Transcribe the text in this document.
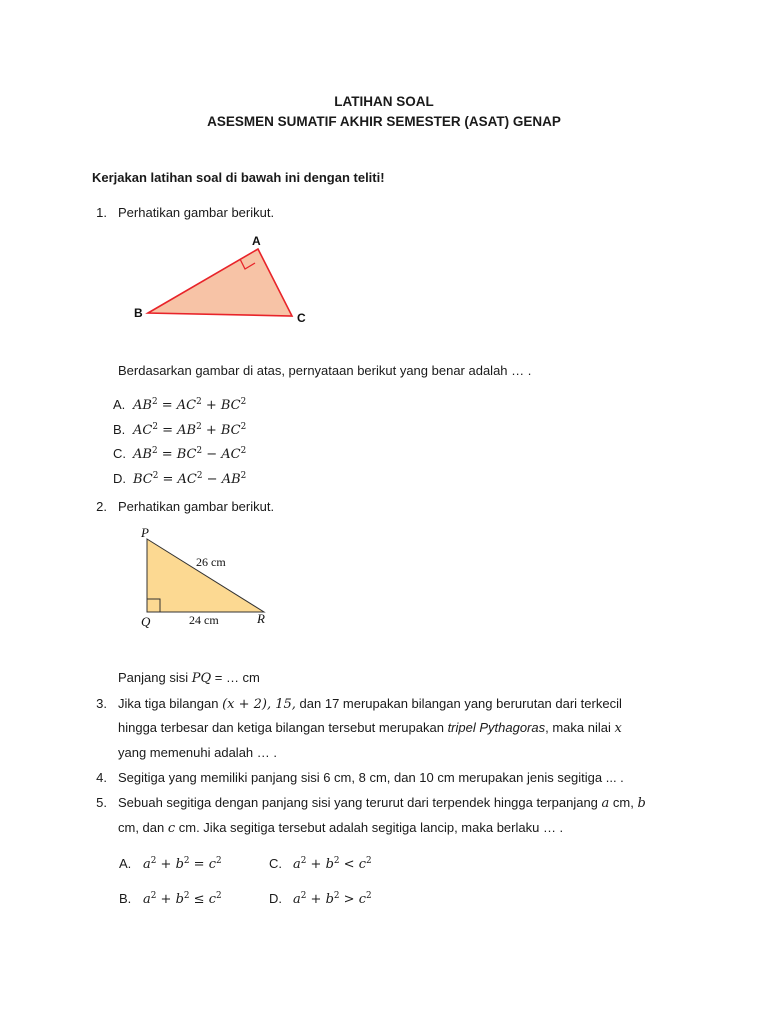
LATIHAN SOAL
ASESMEN SUMATIF AKHIR SEMESTER (ASAT) GENAP
Kerjakan latihan soal di bawah ini dengan teliti!
1. Perhatikan gambar berikut.
A
B	C
Berdasarkan gambar di atas, pernyataan berikut yang benar adalah … .
A. $AB^2 = AC^2 + BC^2$
B. $AC^2 = AB^2 + BC^2$
C. $AB^2 = BC^2 - AC^2$
D. $BC^2 = AC^2 - AB^2$
2. Perhatikan gambar berikut.
P
Q	R
26 cm
24 cm
Panjang sisi PQ = … cm
3. Jika tiga bilangan (x + 2), 15, dan 17 merupakan bilangan yang berurutan dari terkecil
hingga terbesar dan ketiga bilangan tersebut merupakan tripel Pythagoras, maka nilai x
yang memenuhi adalah … .
4. Segitiga yang memiliki panjang sisi 6 cm, 8 cm, dan 10 cm merupakan jenis segitiga ... .
5. Sebuah segitiga dengan panjang sisi yang terurut dari terpendek hingga terpanjang a cm, b
cm, dan c cm. Jika segitiga tersebut adalah segitiga lancip, maka berlaku … .
A. $a^2 + b^2 = c^2$	C. $a^2 + b^2 < c^2$
B. $a^2 + b^2 \le c^2$	D. $a^2 + b^2 > c^2$
